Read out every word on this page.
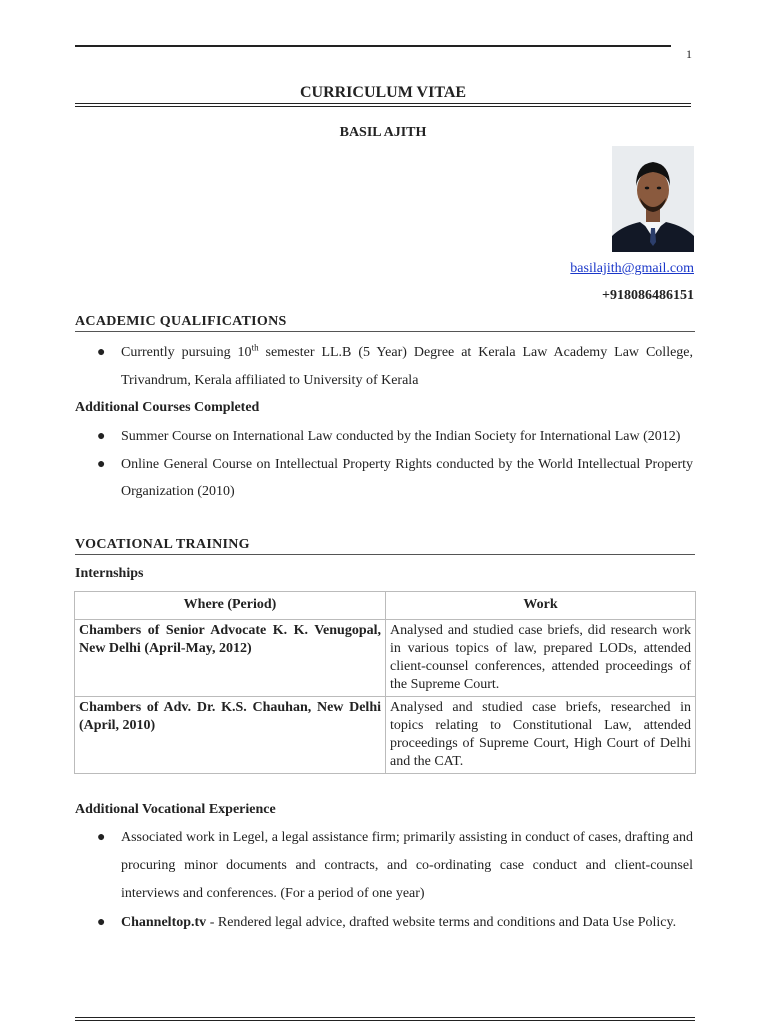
1
CURRICULUM VITAE
BASIL AJITH
basilajith@gmail.com
+918086486151
ACADEMIC QUALIFICATIONS
● Currently pursuing 10th semester LL.B (5 Year) Degree at Kerala Law Academy Law College, Trivandrum, Kerala affiliated to University of Kerala
Additional Courses Completed
● Summer Course on International Law conducted by the Indian Society for International Law (2012)
● Online General Course on Intellectual Property Rights conducted by the World Intellectual Property Organization (2010)
VOCATIONAL TRAINING
Internships
Where (Period)	Work
Chambers of Senior Advocate K. K. Venugopal, New Delhi (April-May, 2012)	Analysed and studied case briefs, did research work in various topics of law, prepared LODs, attended client-counsel conferences, attended proceedings of the Supreme Court.
Chambers of Adv. Dr. K.S. Chauhan, New Delhi (April, 2010)	Analysed and studied case briefs, researched in topics relating to Constitutional Law, attended proceedings of Supreme Court, High Court of Delhi and the CAT.
Additional Vocational Experience
● Associated work in Legel, a legal assistance firm; primarily assisting in conduct of cases, drafting and procuring minor documents and contracts, and co-ordinating case conduct and client-counsel interviews and conferences. (For a period of one year)
● Channeltop.tv - Rendered legal advice, drafted website terms and conditions and Data Use Policy.
